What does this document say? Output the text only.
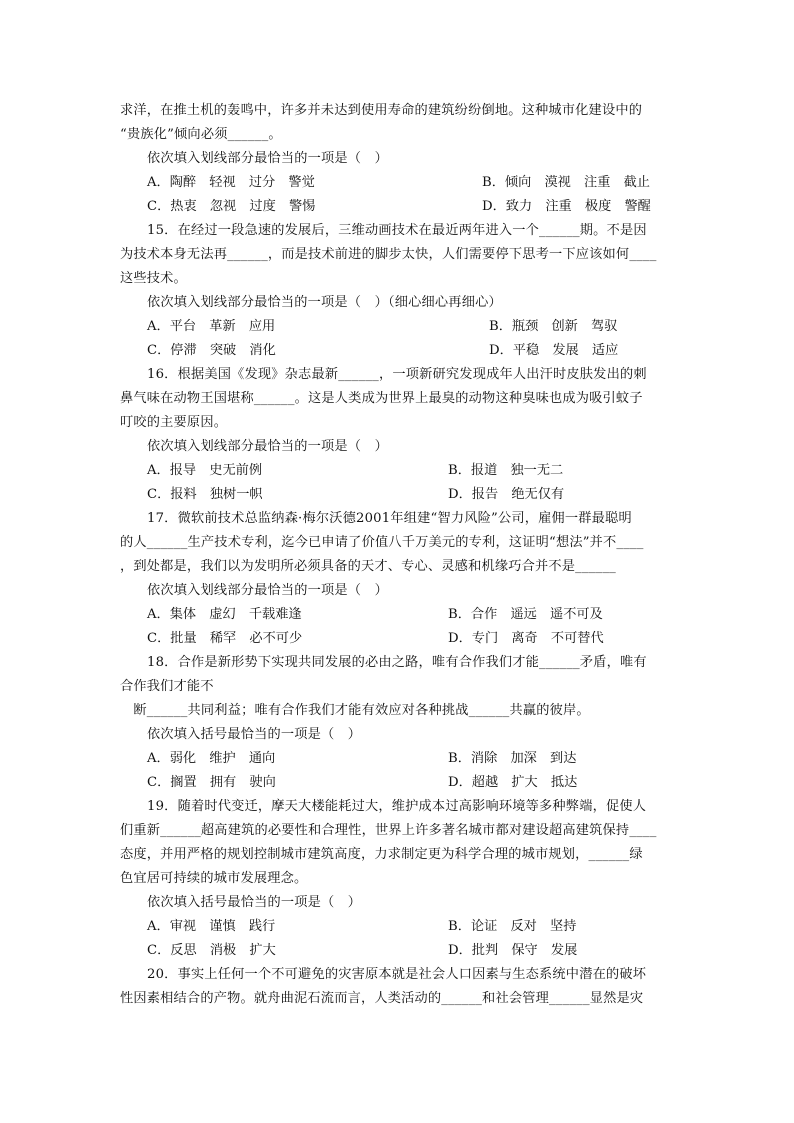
求洋，在推土机的轰鸣中，许多并未达到使用寿命的建筑纷纷倒地。这种城市化建设中的
“贵族化”倾向必须______。
依次填入划线部分最恰当的一项是（　）
A．陶醉　轻视　过分　警觉	B．倾向　漠视　注重　截止
C．热衷　忽视　过度　警惕	D．致力　注重　极度　警醒
15．在经过一段急速的发展后，三维动画技术在最近两年进入一个______期。不是因
为技术本身无法再______，而是技术前进的脚步太快，人们需要停下思考一下应该如何____
这些技术。
依次填入划线部分最恰当的一项是（　）（细心细心再细心）
A．平台　革新　应用	B．瓶颈　创新　驾驭
C．停滞　突破　消化	D．平稳　发展　适应
16．根据美国《发现》杂志最新______，一项新研究发现成年人出汗时皮肤发出的刺
鼻气味在动物王国堪称______。这是人类成为世界上最臭的动物这种臭味也成为吸引蚊子
叮咬的主要原因。
依次填入划线部分最恰当的一项是（　）
A．报导　史无前例	B．报道　独一无二
C．报料　独树一帜	D．报告　绝无仅有
17．微软前技术总监纳森·梅尔沃德2001年组建“智力风险”公司，雇佣一群最聪明
的人______生产技术专利，迄今已申请了价值八千万美元的专利，这证明“想法”并不____
，到处都是，我们以为发明所必须具备的天才、专心、灵感和机缘巧合并不是______
依次填入划线部分最恰当的一项是（　）
A．集体　虚幻　千载难逢	B．合作　遥远　遥不可及
C．批量　稀罕　必不可少	D．专门　离奇　不可替代
18．合作是新形势下实现共同发展的必由之路，唯有合作我们才能______矛盾，唯有
合作我们才能不
　断______共同利益；唯有合作我们才能有效应对各种挑战______共赢的彼岸。
依次填入括号最恰当的一项是（　）
A．弱化　维护　通向	B．消除　加深　到达
C．搁置　拥有　驶向	D．超越　扩大　抵达
19．随着时代变迁，摩天大楼能耗过大，维护成本过高影响环境等多种弊端，促使人
们重新______超高建筑的必要性和合理性，世界上许多著名城市都对建设超高建筑保持____
态度，并用严格的规划控制城市建筑高度，力求制定更为科学合理的城市规划，______绿
色宜居可持续的城市发展理念。
依次填入括号最恰当的一项是（　）
A．审视　谨慎　践行	B．论证　反对　坚持
C．反思　消极　扩大	D．批判　保守　发展
20．事实上任何一个不可避免的灾害原本就是社会人口因素与生态系统中潜在的破坏
性因素相结合的产物。就舟曲泥石流而言，人类活动的______和社会管理______显然是灾
